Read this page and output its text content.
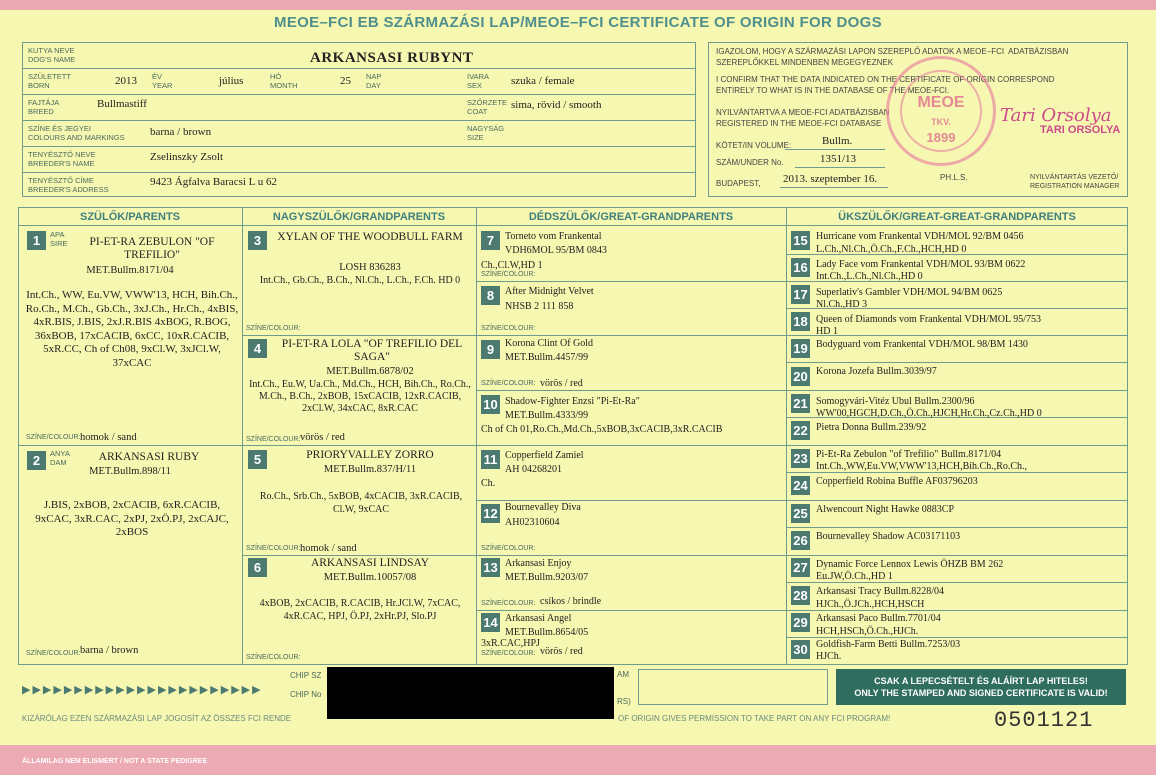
MEOE–FCI EB SZÁRMAZÁSI LAP/MEOE–FCI CERTIFICATE OF ORIGIN FOR DOGS
KUTYA NEVE
DOG'S NAME	ARKANSASI RUBYNT
SZÜLETETT
BORN	2013 ÉV
YEAR	július	HÓ
MONTH	25 NAP
DAY
IVARA
SEX	szuka / female
FAJTÁJA
BREED
Bullmastiff	SZŐRZETE
COAT
sima, rövid / smooth
SZÍNE ÉS JEGYEI
COLOURS AND MARKINGS barna / brown	NAGYSÁG
SIZE
TENYÉSZTŐ NEVE
BREEDER'S NAME
Zselinszky Zsolt
TENYÉSZTŐ CÍME
BREEDER'S ADDRESS
9423 Ágfalva Baracsi L u 62
IGAZOLOM, HOGY A SZÁRMAZÁSI LAPON SZEREPLŐ ADATOK A MEOE–FCI  ADATBÁZISBAN
SZEREPLŐKKEL MINDENBEN MEGEGYEZNEK
I CONFIRM THAT THE DATA INDICATED ON THE CERTIFICATE OF ORIGIN CORRESPOND
ENTIRELY TO WHAT IS IN THE DATABASE OF THE MEOE-FCI.
NYILVÁNTARTVA A MEOE-FCI ADATBÁZISBAN
REGISTERED IN THE MEOE-FCI DATABASE
KÖTET/IN VOLUME:	Bullm.
SZÁM/UNDER No.	1351/13
BUDAPEST, 2013. szeptember 16.	PH.L.S.	NYILVÁNTARTÁS VEZETŐ/
REGISTRATION MANAGER
MEOE
TKV.
1899
Tari Orsolya
TARI ORSOLYA
SZÜLŐK/PARENTS	NAGYSZÜLŐK/GRANDPARENTS	DÉDSZÜLŐK/GREAT-GRANDPARENTS	ÜKSZÜLŐK/GREAT-GREAT-GRANDPARENTS
1	APA
SIRE	PI-ET-RA ZEBULON "OF TREFILIO"
MET.Bullm.8171/04
Int.Ch., WW, Eu.VW, VWW'13, HCH, Bih.Ch., Ro.Ch., M.Ch., Gb.Ch., 3xJ.Ch., Hr.Ch., 4xBIS, 4xR.BIS, J.BIS, 2xJ.R.BIS 4xBOG, R.BOG, 36xBOB, 17xCACIB, 6xCC, 10xR.CACIB, 5xR.CC, Ch of Ch08, 9xCl.W, 3xJCl.W, 37xCAC
SZÍNE/COLOUR: homok / sand
2	ANYA
DAM	ARKANSASI RUBY
MET.Bullm.898/11
J.BIS, 2xBOB, 2xCACIB, 6xR.CACIB, 9xCAC, 3xR.CAC, 2xPJ, 2xÖ.PJ, 2xCAJC, 2xBOS
SZÍNE/COLOUR: barna / brown
3	XYLAN OF THE WOODBULL FARM
LOSH 836283
Int.Ch., Gb.Ch., B.Ch., Nl.Ch., L.Ch., F.Ch. HD 0
SZÍNE/COLOUR:
4	PI-ET-RA LOLA "OF TREFILIO DEL SAGA"
MET.Bullm.6878/02
Int.Ch., Eu.W, Ua.Ch., Md.Ch., HCH, Bih.Ch., Ro.Ch., M.Ch., B.Ch., 2xBOB, 15xCACIB, 12xR.CACIB, 2xCl.W, 34xCAC, 8xR.CAC
SZÍNE/COLOUR: vörös / red
5	PRIORYVALLEY ZORRO
MET.Bullm.837/H/11
Ro.Ch., Srb.Ch., 5xBOB, 4xCACIB, 3xR.CACIB, Cl.W, 9xCAC
SZÍNE/COLOUR: homok / sand
6	ARKANSASI LINDSAY
MET.Bullm.10057/08
4xBOB, 2xCACIB, R.CACIB, Hr.JCl.W, 7xCAC, 4xR.CAC, HPJ, Ö.PJ, 2xHr.PJ, Slo.PJ
SZÍNE/COLOUR:
7	Torneto vom Frankental
VDH6MOL 95/BM 0843
Ch.,Cl.W,HD 1
SZÍNE/COLOUR:
8	After Midnight Velvet
NHSB 2 111 858
SZÍNE/COLOUR:
9	Korona Clint Of Gold
MET.Bullm.4457/99
SZÍNE/COLOUR: vörös / red
10 Shadow-Fighter Enzsi "Pi-Et-Ra"
MET.Bullm.4333/99
Ch of Ch 01,Ro.Ch.,Md.Ch.,5xBOB,3xCACIB,3xR.CACIB
11 Copperfield Zamiel
AH 04268201
Ch.
12 Bournevalley Diva
AH02310604
SZÍNE/COLOUR:
13 Arkansasi Enjoy
MET.Bullm.9203/07
SZÍNE/COLOUR: csíkos / brindle
14 Arkansasi Angel
MET.Bullm.8654/05
3xR.CAC,HPJ
SZÍNE/COLOUR: vörös / red
15 Hurricane vom Frankental VDH/MOL 92/BM 0456
L.Ch.,Nl.Ch.,Ö.Ch.,F.Ch.,HCH,HD 0
16 Lady Face vom Frankental VDH/MOL 93/BM 0622
Int.Ch.,L.Ch.,Nl.Ch.,HD 0
17 Superlativ's Gambler VDH/MOL 94/BM 0625
Nl.Ch.,HD 3
18 Queen of Diamonds vom Frankental VDH/MOL 95/753
HD 1
19 Bodyguard vom Frankental VDH/MOL 98/BM 1430
20 Korona Jozefa Bullm.3039/97
21 Somogyvári-Vitéz Ubul Bullm.2300/96
WW'00,HGCH,D.Ch.,Ö.Ch.,HJCH,Hr.Ch.,Cz.Ch.,HD 0
22 Pietra Donna Bullm.239/92
23 Pi-Et-Ra Zebulon "of Trefilio" Bullm.8171/04
Int.Ch.,WW,Eu.VW,VWW'13,HCH,Bih.Ch.,Ro.Ch.,
24 Copperfield Robina Buffle AF03796203
25 Alwencourt Night Hawke 0883CP
26 Bournevalley Shadow AC03171103
27 Dynamic Force Lennox Lewis ÖHZB BM 262
Eu.JW,Ö.Ch.,HD 1
28 Arkansasi Tracy Bullm.8228/04
HJCh.,Ö.JCh.,HCH,HSCH
29 Arkansasi Paco Bullm.7701/04
HCH,HSCh,Ö.Ch.,HJCh.
30 Goldfish-Farm Betti Bullm.7253/03
HJCh.
▶▶▶▶▶▶▶▶▶▶▶▶▶▶▶▶▶▶▶▶▶▶▶
CHIP SZ
CHIP No
AM
RS)
CSAK A LEPECSÉTELT ÉS ALÁÍRT LAP HITELES!
ONLY THE STAMPED AND SIGNED CERTIFICATE IS VALID!
KIZÁRÓLAG EZEN SZÁRMAZÁSI LAP JOGOSÍT AZ ÖSSZES FCI RENDE	OF ORIGIN GIVES PERMISSION TO TAKE PART ON ANY FCI PROGRAM!	0501121
ÁLLAMILAG NEM ELISMERT / NOT A STATE PEDIGREE
